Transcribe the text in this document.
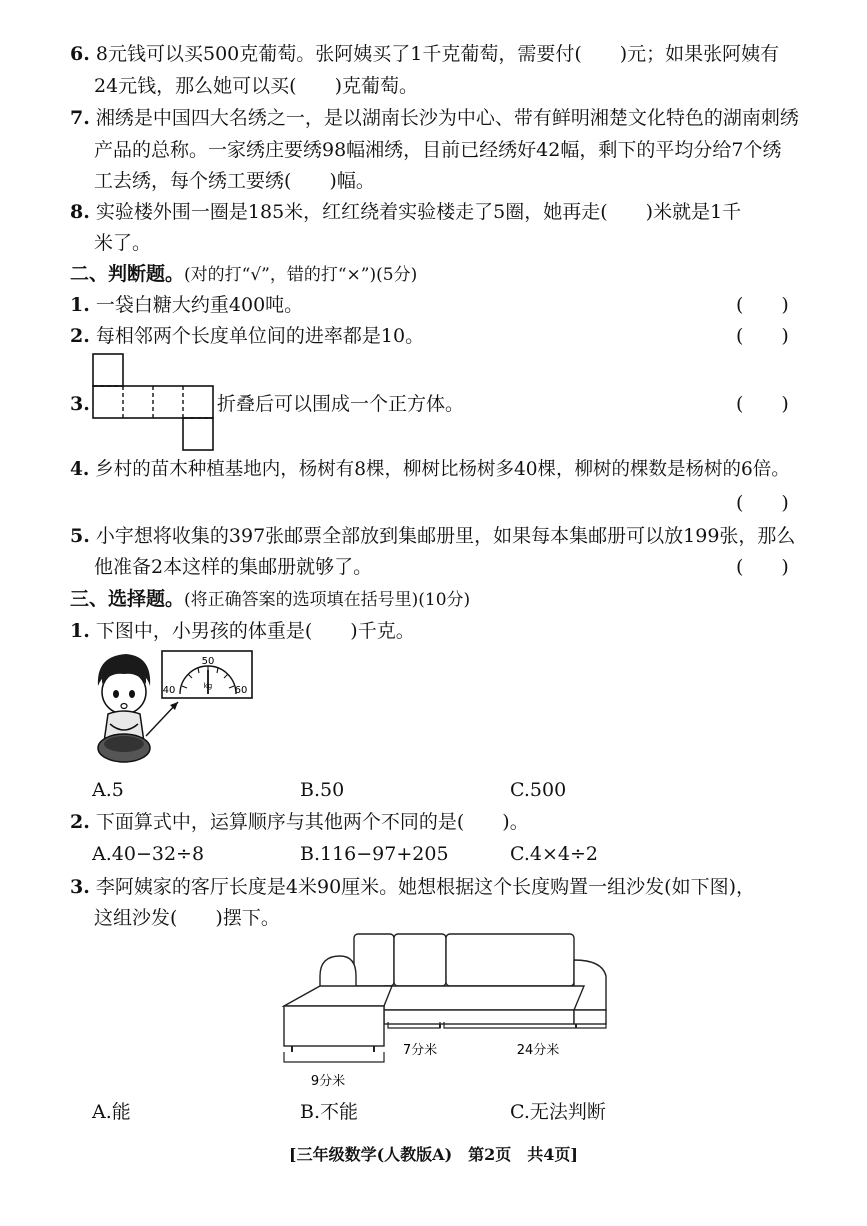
6. 8元钱可以买500克葡萄。张阿姨买了1千克葡萄，需要付(　　)元；如果张阿姨有
24元钱，那么她可以买(　　)克葡萄。
7. 湘绣是中国四大名绣之一，是以湖南长沙为中心、带有鲜明湘楚文化特色的湖南刺绣
产品的总称。一家绣庄要绣98幅湘绣，目前已经绣好42幅，剩下的平均分给7个绣
工去绣，每个绣工要绣(　　)幅。
8. 实验楼外围一圈是185米，红红绕着实验楼走了5圈，她再走(　　)米就是1千
米了。
二、判断题。(对的打“√”，错的打“×”)(5分)
1. 一袋白糖大约重400吨。	(　　)
2. 每相邻两个长度单位间的进率都是10。	(　　)
3.	折叠后可以围成一个正方体。	(　　)
4. 乡村的苗木种植基地内，杨树有8棵，柳树比杨树多40棵，柳树的棵数是杨树的6倍。
(　　)
5. 小宇想将收集的397张邮票全部放到集邮册里，如果每本集邮册可以放199张，那么
他准备2本这样的集邮册就够了。	(　　)
三、选择题。(将正确答案的选项填在括号里)(10分)
1. 下图中，小男孩的体重是(　　)千克。
50
40	60
kg
A.5	B.50	C.500
2. 下面算式中，运算顺序与其他两个不同的是(　　)。
A.40−32÷8	B.116−97+205	C.4×4÷2
3. 李阿姨家的客厅长度是4米90厘米。她想根据这个长度购置一组沙发(如下图)，
这组沙发(　　)摆下。
7分米	24分米
9分米
A.能	B.不能	C.无法判断
[三年级数学(人教版A)　第2页　共4页]
